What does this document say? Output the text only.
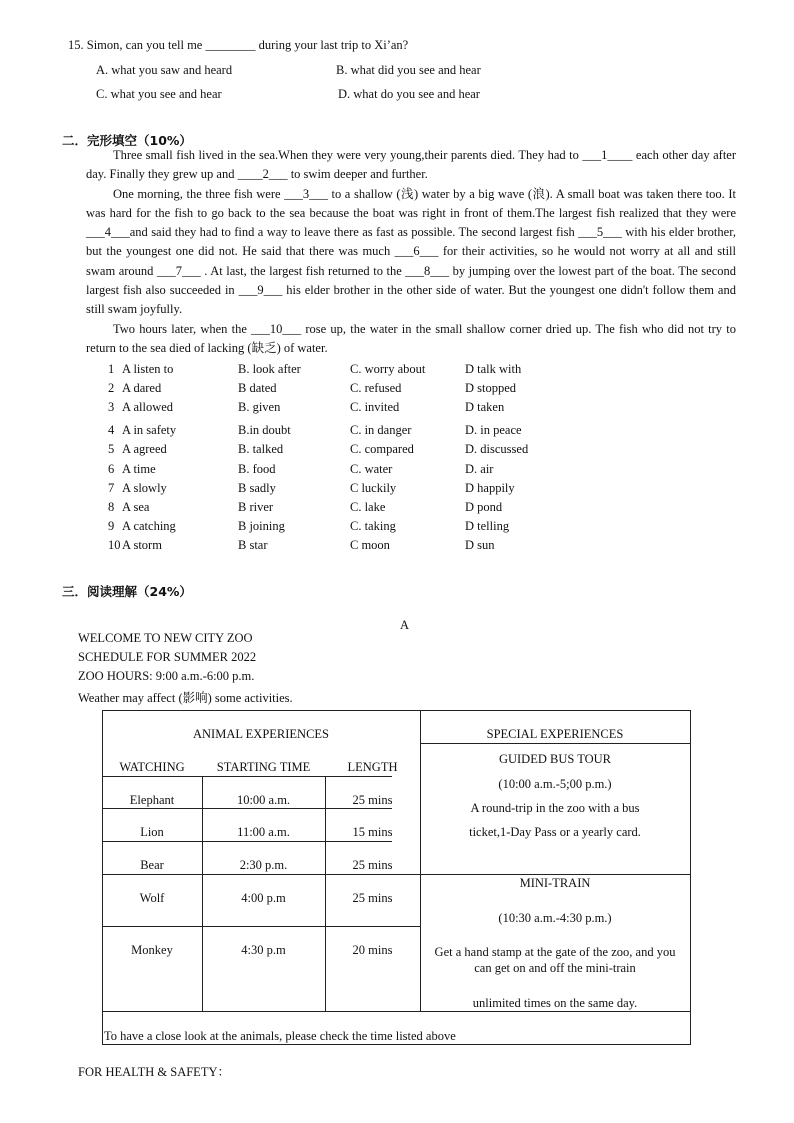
15. Simon, can you tell me ________ during your last trip to Xi’an?
A. what you saw and heard	B. what did you see and hear
C. what you see and hear	D. what do you see and hear
二．完形填空（10%）

Three small fish lived in the sea.When they were very young,their parents died. They had to ___1____ each other day after day. Finally they grew up and ____2___ to swim deeper and further.

One morning, the three fish were ___3___ to a shallow (浅) water by a big wave (浪). A small boat was taken there too. It was hard for the fish to go back to the sea because the boat was right in front of them.The largest fish realized that they were ___4___and said they had to find a way to leave there as fast as possible. The second largest fish ___5___ with his elder brother, but the youngest one did not. He said that there was much ___6___ for their activities, so he would not worry at all and still swam around ___7___ . At last, the largest fish returned to the ___8___ by jumping over the lowest part of the boat. The second largest fish also succeeded in ___9___ his elder brother in the other side of water. But the youngest one didn't follow them and still swam joyfully.

Two hours later, when the ___10___ rose up, the water in the small shallow corner dried up. The fish who did not try to return to the sea died of lacking (缺乏) of water.

1 A listen to	B. look after	C. worry about	D talk with
2 A dared	B dated	C. refused	D stopped
3 A allowed	B. given	C. invited	D taken
4 A in safety	B.in doubt	C. in danger	D. in peace
5 A agreed	B. talked	C. compared	D. discussed
6 A time	B. food	C. water	D. air
7 A slowly	B sadly	C luckily	D happily
8 A sea	B river	C. lake	D pond
9 A catching	B joining	C. taking	D telling
10 A storm	B star	C moon	D sun
三．阅读理解（24%）
A
WELCOME TO NEW CITY ZOO
SCHEDULE FOR SUMMER 2022
ZOO HOURS: 9:00 a.m.-6:00 p.m.
Weather may affect (影响) some activities.
ANIMAL EXPERIENCES	SPECIAL EXPERIENCES
WATCHING	STARTING TIME	LENGTH
Elephant	10:00 a.m.	25 mins
Lion	11:00 a.m.	15 mins
Bear	2:30 p.m.	25 mins
Wolf	4:00 p.m	25 mins
Monkey	4:30 p.m	20 mins
GUIDED BUS TOUR
(10:00 a.m.-5;00 p.m.)
A round-trip in the zoo with a bus
ticket,1-Day Pass or a yearly card.
MINI-TRAIN
(10:30 a.m.-4:30 p.m.)
Get a hand stamp at the gate of the zoo, and you
can get on and off the mini-train
unlimited times on the same day.
To have a close look at the animals, please check the time listed above
FOR HEALTH & SAFETY：
